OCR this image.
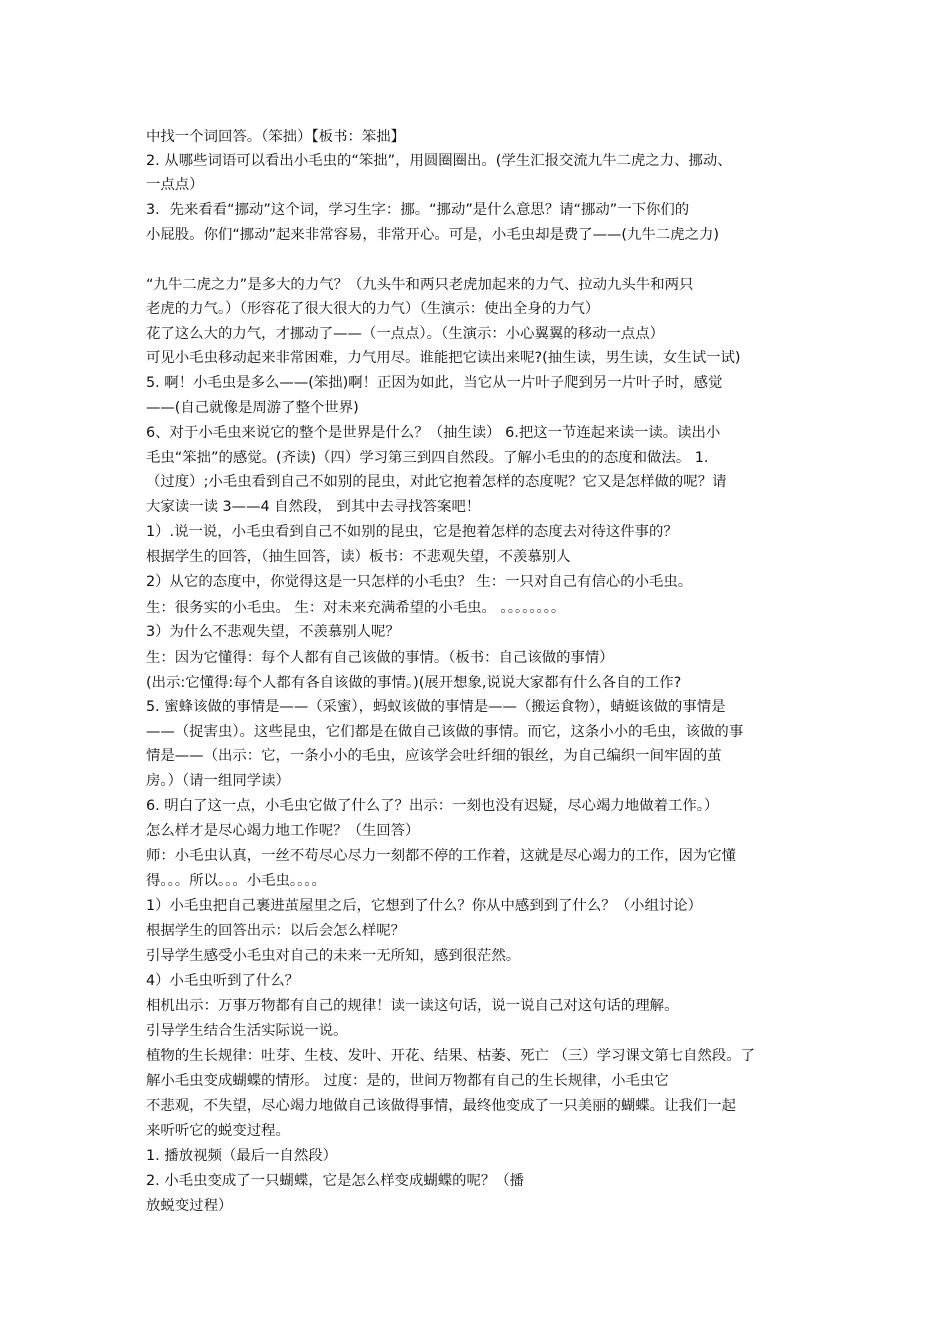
中找一个词回答。（笨拙）【板书：笨拙】
2. 从哪些词语可以看出小毛虫的“笨拙”，用圆圈圈出。(学生汇报交流九牛二虎之力、挪动、
一点点）
3．先来看看“挪动”这个词，学习生字：挪。“挪动”是什么意思？请“挪动”一下你们的
小屁股。你们“挪动”起来非常容易，非常开心。可是，小毛虫却是费了——(九牛二虎之力)
“九牛二虎之力”是多大的力气？（九头牛和两只老虎加起来的力气、拉动九头牛和两只
老虎的力气。）（形容花了很大很大的力气）（生演示：使出全身的力气）
花了这么大的力气，才挪动了——（一点点）。（生演示：小心翼翼的移动一点点）
可见小毛虫移动起来非常困难，力气用尽。谁能把它读出来呢?(抽生读，男生读，女生试一试)
5. 啊！小毛虫是多么——(笨拙)啊！正因为如此，当它从一片叶子爬到另一片叶子时，感觉
——(自己就像是周游了整个世界)
6、对于小毛虫来说它的整个是世界是什么？（抽生读） 6.把这一节连起来读一读。读出小
毛虫“笨拙”的感觉。(齐读)（四）学习第三到四自然段。了解小毛虫的的态度和做法。 1.
（过度）;小毛虫看到自己不如别的昆虫，对此它抱着怎样的态度呢？它又是怎样做的呢？请
大家读一读 3——4 自然段， 到其中去寻找答案吧！
1）.说一说，小毛虫看到自己不如别的昆虫，它是抱着怎样的态度去对待这件事的？
根据学生的回答，（抽生回答，读）板书：不悲观失望，不羡慕别人
2）从它的态度中，你觉得这是一只怎样的小毛虫？ 生：一只对自己有信心的小毛虫。
生：很务实的小毛虫。 生：对未来充满希望的小毛虫。 。。。。。。。。
3）为什么不悲观失望，不羡慕别人呢？
生：因为它懂得：每个人都有自己该做的事情。（板书：自己该做的事情）
(出示:它懂得:每个人都有各自该做的事情。)(展开想象,说说大家都有什么各自的工作?
5. 蜜蜂该做的事情是——（采蜜），蚂蚁该做的事情是——（搬运食物），蜻蜓该做的事情是
——（捉害虫）。这些昆虫，它们都是在做自己该做的事情。而它，这条小小的毛虫，该做的事
情是——（出示：它，一条小小的毛虫，应该学会吐纤细的银丝，为自己编织一间牢固的茧
房。）（请一组同学读）
6. 明白了这一点，小毛虫它做了什么了？出示：一刻也没有迟疑，尽心竭力地做着工作。）
怎么样才是尽心竭力地工作呢？（生回答）
师：小毛虫认真，一丝不苟尽心尽力一刻都不停的工作着，这就是尽心竭力的工作，因为它懂
得。。。所以。。。小毛虫。。。。
1）小毛虫把自己裹进茧屋里之后，它想到了什么？你从中感到到了什么？（小组讨论）
根据学生的回答出示：以后会怎么样呢？
引导学生感受小毛虫对自己的未来一无所知，感到很茫然。
4）小毛虫听到了什么？
相机出示：万事万物都有自己的规律！读一读这句话，说一说自己对这句话的理解。
引导学生结合生活实际说一说。
植物的生长规律：吐芽、生枝、发叶、开花、结果、枯萎、死亡 （三）学习课文第七自然段。了
解小毛虫变成蝴蝶的情形。 过度：是的，世间万物都有自己的生长规律，小毛虫它
不悲观，不失望，尽心竭力地做自己该做得事情，最终他变成了一只美丽的蝴蝶。让我们一起
来听听它的蜕变过程。
1. 播放视频（最后一自然段）
2. 小毛虫变成了一只蝴蝶，它是怎么样变成蝴蝶的呢？（播
放蜕变过程）
